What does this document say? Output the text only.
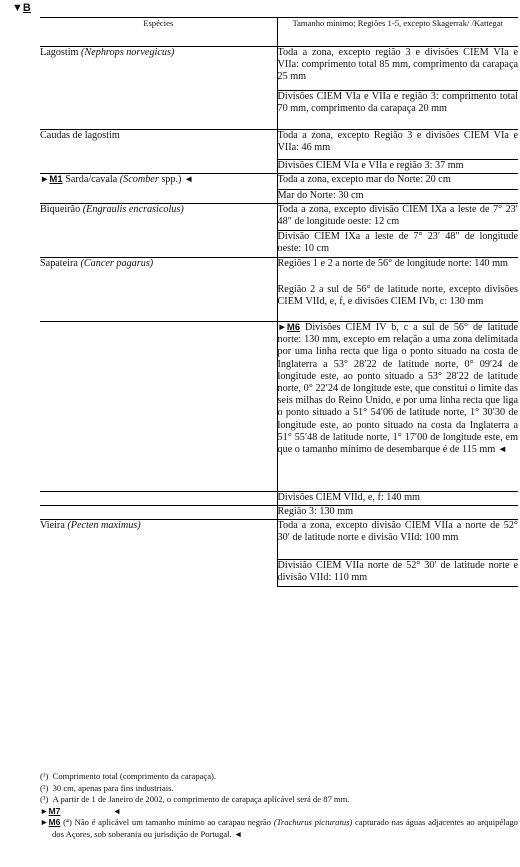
▼B
Espécies	Tamanho mínimo; Regiões 1-5, excepto Skagerrak/ /Kattegat
Lagostim (Nephrops norvegicus)	Toda a zona, excepto região 3 e divisões CIEM VIa e VIIa: comprimento total 85 mm, comprimento da carapaça 25 mm
	Divisões CIEM VIa e VIIa e região 3: comprimento total 70 mm, comprimento da carapaça 20 mm
Caudas de lagostim	Toda a zona, excepto Região 3 e divisões CIEM VIa e VIIa: 46 mm
	Divisões CIEM VIa e VIIa e região 3: 37 mm
►M1 Sarda/cavala (Scomber spp.) ◄	Toda a zona, excepto mar do Norte: 20 cm
	Mar do Norte: 30 cm
Biqueirão (Engraulis encrasicolus)	Toda a zona, excepto divisão CIEM IXa a leste de 7° 23′ 48″ de longitude oeste: 12 cm
	Divisão CIEM IXa a leste de 7° 23′ 48″ de longitude oeste: 10 cm
Sapateira (Cancer pagarus)	Regiões 1 e 2 a norte de 56° de longitude norte: 140 mm
	Região 2 a sul de 56° de latitude norte, excepto divisões CIEM VIId, e, f, e divisões CIEM IVb, c: 130 mm
	►M6 Divisões CIEM IV b, c a sul de 56° de latitude norte: 130 mm, excepto em relação a uma zona delimitada por uma linha recta que liga o ponto situado na costa de Inglaterra a 53° 28′22 de latitude norte, 0° 09′24 de longitude este, ao ponto situado a 53° 28′22 de latitude norte, 0° 22′24 de longitude este, que constitui o limite das seis milhas do Reino Unido, e por uma linha recta que liga o ponto situado a 51° 54′06 de latitude norte, 1° 30′30 de longitude este, ao ponto situado na costa da Inglaterra a 51° 55′48 de latitude norte, 1° 17′00 de longitude este, em que o tamanho mínimo de desembarque é de 115 mm ◄
	Divisões CIEM VIId, e, f: 140 mm
	Região 3: 130 mm
Vieira (Pecten maximus)	Toda a zona, excepto divisão CIEM VIIa a norte de 52° 30′ de latitude norte e divisão VIId: 100 mm
	Divisião CIEM VIIa norte de 52° 30′ de latitude norte e divisão VIId: 110 mm

(¹) Comprimento total (comprimento da carapaça).

(²) 30 cm, apenas para fins industriais.

(³) A partir de 1 de Janeiro de 2002, o comprimento de carapaça aplicável será de 87 mm.

►M7	◄

►M6 (⁴) Não é aplicável um tamanho mínimo ao carapau negrão (Trachurus picturatus) capturado nas águas adjacentes ao arquipélago dos Açores, sob soberania ou jurisdição de Portugal. ◄
